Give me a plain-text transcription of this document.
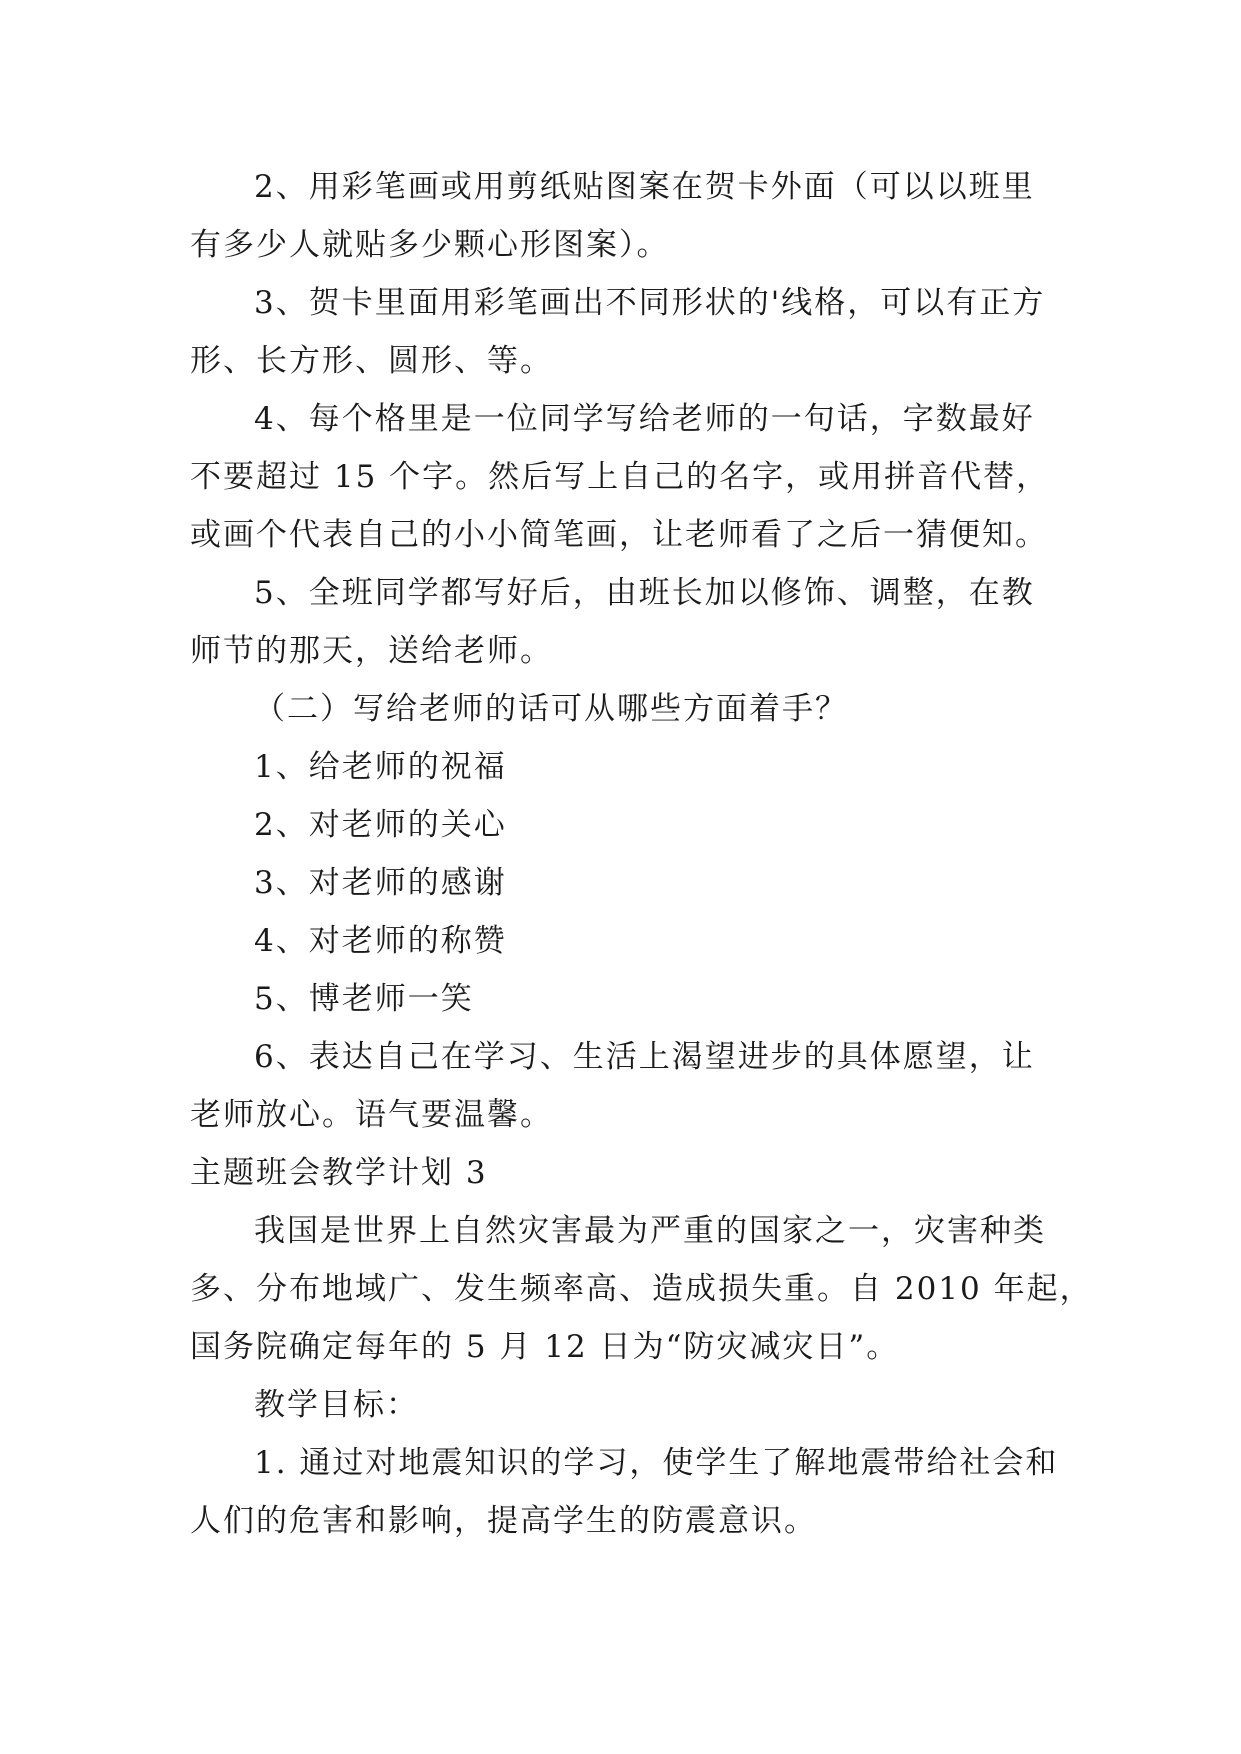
2、用彩笔画或用剪纸贴图案在贺卡外面（可以以班里

有多少人就贴多少颗心形图案）。

3、贺卡里面用彩笔画出不同形状的'线格，可以有正方

形、长方形、圆形、等。

4、每个格里是一位同学写给老师的一句话，字数最好

不要超过 15 个字。然后写上自己的名字，或用拼音代替，

或画个代表自己的小小简笔画，让老师看了之后一猜便知。

5、全班同学都写好后，由班长加以修饰、调整，在教

师节的那天，送给老师。

（二）写给老师的话可从哪些方面着手？

1、给老师的祝福

2、对老师的关心

3、对老师的感谢

4、对老师的称赞

5、博老师一笑

6、表达自己在学习、生活上渴望进步的具体愿望，让

老师放心。语气要温馨。

主题班会教学计划 3

我国是世界上自然灾害最为严重的国家之一，灾害种类

多、分布地域广、发生频率高、造成损失重。自 2010 年起，

国务院确定每年的 5 月 12 日为“防灾减灾日”。

教学目标：

1. 通过对地震知识的学习，使学生了解地震带给社会和

人们的危害和影响，提高学生的防震意识。
